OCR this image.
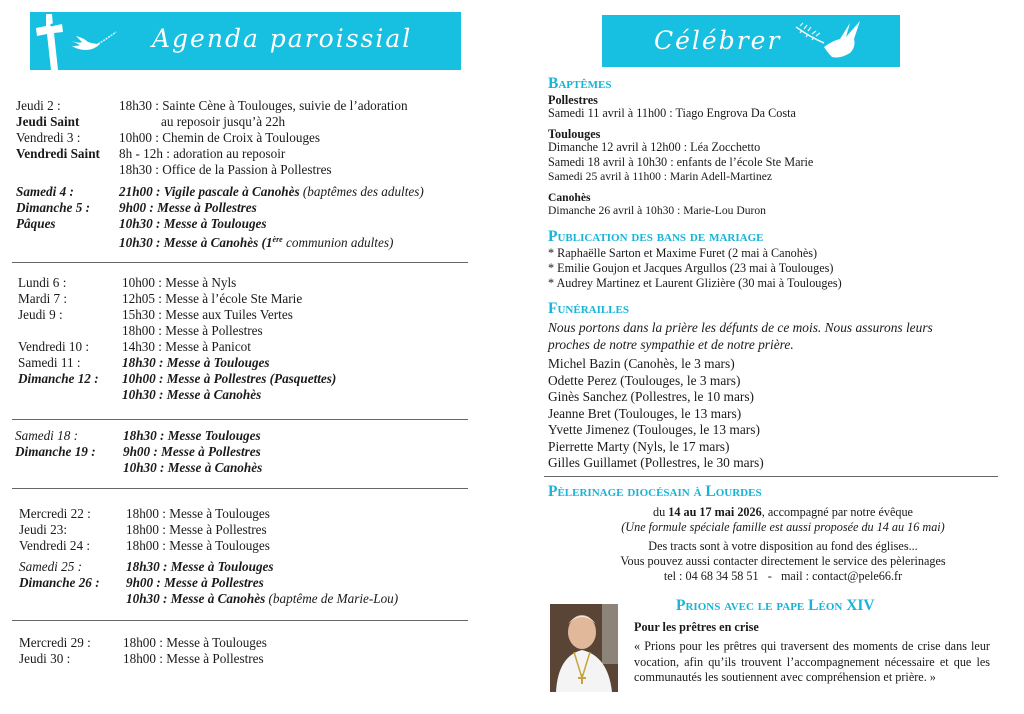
Agenda paroissial
Jeudi 2 :	18h30 : Sainte Cène à Toulouges, suivie de l’adoration
Jeudi Saint	au reposoir jusqu’à 22h
Vendredi 3 :	10h00 : Chemin de Croix à Toulouges
Vendredi Saint 8h - 12h : adoration au reposoir
18h30 : Office de la Passion à Pollestres
Samedi 4 :	21h00 : Vigile pascale à Canohès (baptêmes des adultes)
Dimanche 5 : 9h00 : Messe à Pollestres
Pâques	10h30 : Messe à Toulouges
10h30 : Messe à Canohès (1ère communion adultes)
Lundi 6 :	10h00 : Messe à Nyls
Mardi 7 :	12h05 : Messe à l’école Ste Marie
Jeudi 9 :	15h30 : Messe aux Tuiles Vertes
18h00 : Messe à Pollestres
Vendredi 10 : 14h30 : Messe à Panicot
Samedi 11 :	18h30 : Messe à Toulouges
Dimanche 12 : 10h00 : Messe à Pollestres (Pasquettes)
10h30 : Messe à Canohès
Samedi 18 :	18h30 : Messe Toulouges
Dimanche 19 : 9h00 : Messe à Pollestres
10h30 : Messe à Canohès
Mercredi 22 :	18h00 : Messe à Toulouges
Jeudi 23:	18h00 : Messe à Pollestres
Vendredi 24 :	18h00 : Messe à Toulouges
Samedi 25 :	18h30 : Messe à Toulouges
Dimanche 26 : 9h00 : Messe à Pollestres
10h30 : Messe à Canohès (baptême de Marie-Lou)
Mercredi 29 : 18h00 : Messe à Toulouges
Jeudi 30 :	18h00 : Messe à Pollestres
Célébrer
Baptêmes
Pollestres
Samedi 11 avril à 11h00 : Tiago Engrova Da Costa
Toulouges
Dimanche 12 avril à 12h00 : Léa Zocchetto
Samedi 18 avril à 10h30 : enfants de l’école Ste Marie
Samedi 25 avril à 11h00 : Marin Adell-Martinez
Canohès
Dimanche 26 avril à 10h30 : Marie-Lou Duron
Publication des bans de mariage
* Raphaëlle Sarton et Maxime Furet (2 mai à Canohès)
* Emilie Goujon et Jacques Argullos (23 mai à Toulouges)
* Audrey Martinez et Laurent Glizière (30 mai à Toulouges)
Funérailles
Nous portons dans la prière les défunts de ce mois. Nous assurons leurs
proches de notre sympathie et de notre prière.
Michel Bazin (Canohès, le 3 mars)
Odette Perez (Toulouges, le 3 mars)
Ginès Sanchez (Pollestres, le 10 mars)
Jeanne Bret (Toulouges, le 13 mars)
Yvette Jimenez (Toulouges, le 13 mars)
Pierrette Marty (Nyls, le 17 mars)
Gilles Guillamet (Pollestres, le 30 mars)
Pèlerinage diocésain à Lourdes
du 14 au 17 mai 2026, accompagné par notre évêque
(Une formule spéciale famille est aussi proposée du 14 au 16 mai)
Des tracts sont à votre disposition au fond des églises...
Vous pouvez aussi contacter directement le service des pèlerinages
tel : 04 68 34 58 51   -   mail : contact@pele66.fr
Prions avec le pape Léon XIV
Pour les prêtres en crise
« Prions pour les prêtres qui traversent des moments de crise dans leur vocation, afin qu’ils trouvent l’accompagnement nécessaire et que les communautés les soutiennent avec compréhension et prière. »
